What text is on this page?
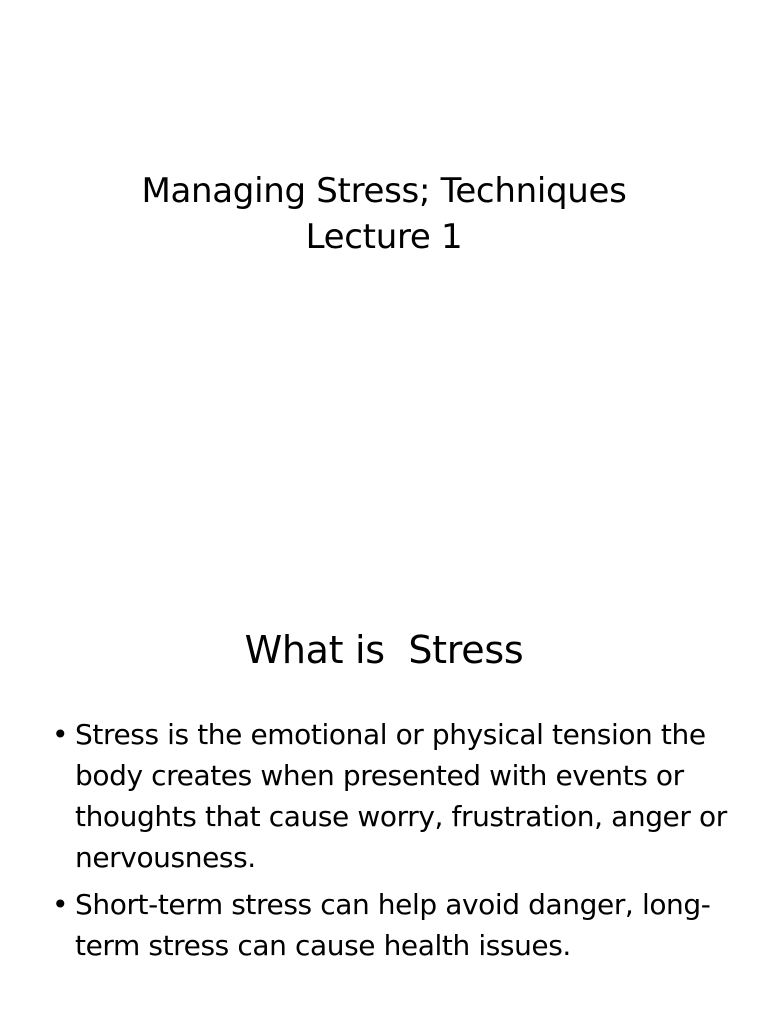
Managing Stress; Techniques
Lecture 1
What is  Stress
• Stress is the emotional or physical tension the body creates when presented with events or thoughts that cause worry, frustration, anger or nervousness.
• Short-term stress can help avoid danger, long-term stress can cause health issues.
